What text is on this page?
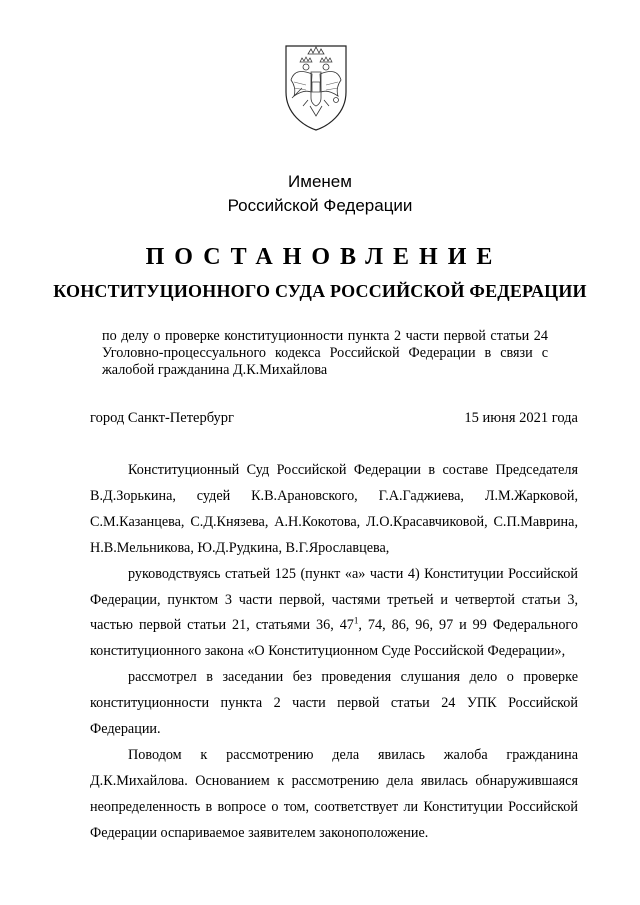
Именем
Российской Федерации
ПОСТАНОВЛЕНИЕ
КОНСТИТУЦИОННОГО СУДА РОССИЙСКОЙ ФЕДЕРАЦИИ
по делу о проверке конституционности пункта 2 части первой статьи 24 Уголовно-процессуального кодекса Российской Федерации в связи с жалобой гражданина Д.К.Михайлова
город Санкт-Петербург	15 июня 2021 года

Конституционный Суд Российской Федерации в составе Председателя В.Д.Зорькина, судей К.В.Арановского, Г.А.Гаджиева, Л.М.Жарковой, С.М.Казанцева, С.Д.Князева, А.Н.Кокотова, Л.О.Красавчиковой, С.П.Маврина, Н.В.Мельникова, Ю.Д.Рудкина, В.Г.Ярославцева,

руководствуясь статьей 125 (пункт «а» части 4) Конституции Российской Федерации, пунктом 3 части первой, частями третьей и четвертой статьи 3, частью первой статьи 21, статьями 36, $47^1$, 74, 86, 96, 97 и 99 Федерального конституционного закона «О Конституционном Суде Российской Федерации»,

рассмотрел в заседании без проведения слушания дело о проверке конституционности пункта 2 части первой статьи 24 УПК Российской Федерации.

Поводом к рассмотрению дела явилась жалоба гражданина Д.К.Михайлова. Основанием к рассмотрению дела явилась обнаружившаяся неопределенность в вопросе о том, соответствует ли Конституции Российской Федерации оспариваемое заявителем законоположение.
